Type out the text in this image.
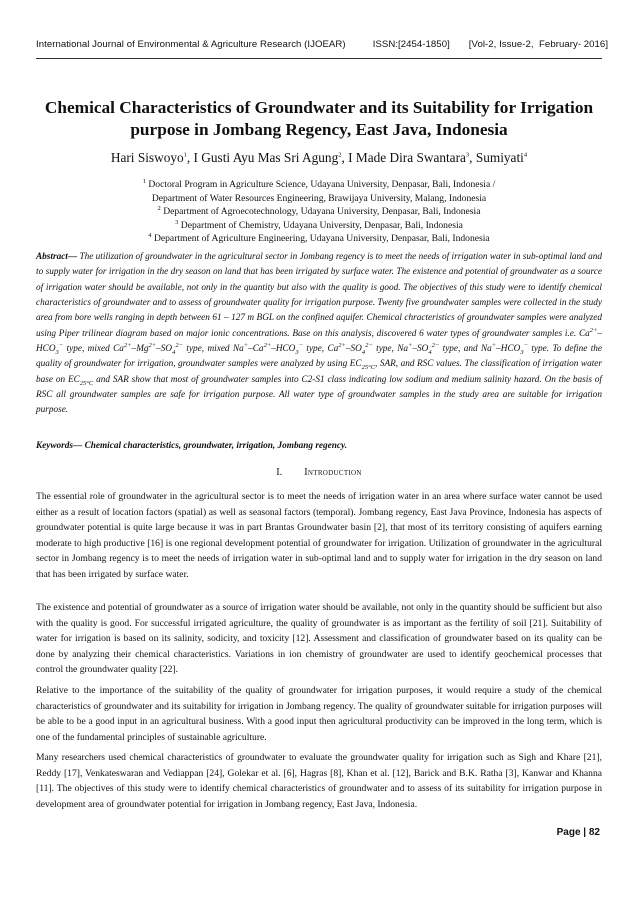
International Journal of Environmental & Agriculture Research (IJOEAR)          ISSN:[2454-1850]       [Vol-2, Issue-2,  February- 2016]
Chemical Characteristics of Groundwater and its Suitability for Irrigation purpose in Jombang Regency, East Java, Indonesia
Hari Siswoyo$^1$, I Gusti Ayu Mas Sri Agung$^2$, I Made Dira Swantara$^3$, Sumiyati$^4$
$^1$ Doctoral Program in Agriculture Science, Udayana University, Denpasar, Bali, Indonesia /
Department of Water Resources Engineering, Brawijaya University, Malang, Indonesia
$^2$ Department of Agroecotechnology, Udayana University, Denpasar, Bali, Indonesia
$^3$ Department of Chemistry, Udayana University, Denpasar, Bali, Indonesia
$^4$ Department of Agriculture Engineering, Udayana University, Denpasar, Bali, Indonesia
Abstract— The utilization of groundwater in the agricultural sector in Jombang regency is to meet the needs of irrigation water in sub-optimal land and to supply water for irrigation in the dry season on land that has been irrigated by surface water. The existence and potential of groundwater as a source of irrigation water should be available, not only in the quantity but also with the quality is good. The objectives of this study were to identify chemical characteristics of groundwater and to assess of groundwater quality for irrigation purpose. Twenty five groundwater samples were collected in the study area from bore wells ranging in depth between 61 – 127 m BGL on the confined aquifer. Chemical chracteristics of groundwater samples were analyzed using Piper trilinear diagram based on major ionic concentrations. Base on this analysis, discovered 6 water types of groundwater samples i.e. $Ca^{2+}-HCO_3^-$ type, mixed $Ca^{2+}-Mg^{2+}-SO_4^{2-}$ type, mixed $Na^+-Ca^{2+}-HCO_3^-$ type, $Ca^{2+}-SO_4^{2-}$ type, $Na^+-SO_4^{2-}$ type, and $Na^+-HCO_3^-$ type. To define the quality of groundwater for irrigation, groundwater samples were analyzed by using $EC_{25^\circ C}$, SAR, and RSC values. The classification of irrigation water base on $EC_{25^\circ C}$ and SAR show that most of groundwater samples into C2-S1 class indicating low sodium and medium salinity hazard. On the basis of RSC all groundwater samples are safe for irrigation purpose. All water type of groundwater samples in the study area are suitable for irrigation purpose.
Keywords— Chemical characteristics, groundwater, irrigation, Jombang regency.
I. Introduction
The essential role of groundwater in the agricultural sector is to meet the needs of irrigation water in an area where surface water cannot be used either as a result of location factors (spatial) as well as seasonal factors (temporal). Jombang regency, East Java Province, Indonesia has aspects of groundwater potential is quite large because it was in part Brantas Groundwater basin [2], that most of its territory consisting of aquifers earning moderate to high productive [16] is one regional development potential of groundwater for irrigation. Utilization of groundwater in the agricultural sector in Jombang regency is to meet the needs of irrigation water in sub-optimal land and to supply water for irrigation in the dry season on land that has been irrigated by surface water.
The existence and potential of groundwater as a source of irrigation water should be available, not only in the quantity should be sufficient but also with the quality is good. For successful irrigated agriculture, the quality of groundwater is as important as the fertility of soil [21]. Suitability of water for irrigation is based on its salinity, sodicity, and toxicity [12]. Assessment and classification of groundwater based on its quality can be done by analyzing their chemical characteristics. Variations in ion chemistry of groundwater are used to identify geochemical processes that control the groundwater quality [22].
Relative to the importance of the suitability of the quality of groundwater for irrigation purposes, it would require a study of the chemical characteristics of groundwater and its suitability for irrigation in Jombang regency. The quality of groundwater suitable for irrigation purposes will be able to be a good input in an agricultural business. With a good input then agricultural productivity can be improved in the long term, which is one of the fundamental principles of sustainable agriculture.
Many researchers used chemical characteristics of groundwater to evaluate the groundwater quality for irrigation such as Sigh and Khare [21], Reddy [17], Venkateswaran and Vediappan [24], Golekar et al. [6], Hagras [8], Khan et al. [12], Barick and B.K. Ratha [3], Kanwar and Khanna [11]. The objectives of this study were to identify chemical characteristics of groundwater and to assess of its suitability for irrigation purpose in development area of groundwater potential for irrigation in Jombang regency, East Java, Indonesia.
Page | 82
